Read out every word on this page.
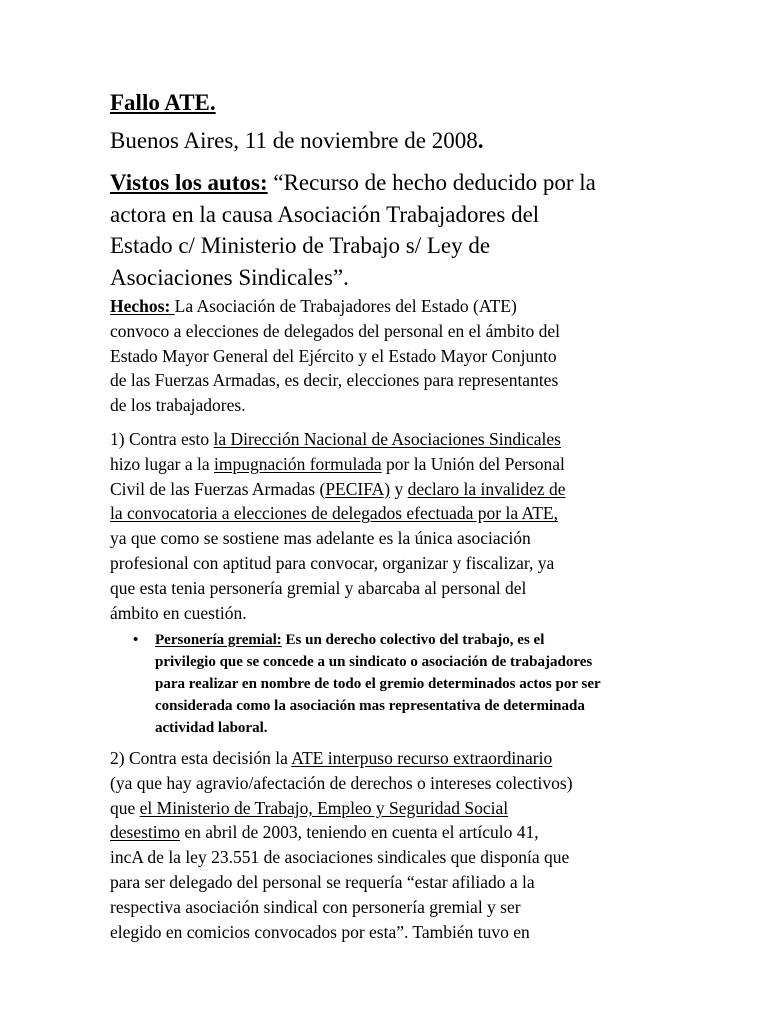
Fallo ATE.

Buenos Aires, 11 de noviembre de 2008.

Vistos los autos: “Recurso de hecho deducido por la
actora en la causa Asociación Trabajadores del
Estado c/ Ministerio de Trabajo s/ Ley de
Asociaciones Sindicales”.

Hechos: La Asociación de Trabajadores del Estado (ATE)
convoco a elecciones de delegados del personal en el ámbito del
Estado Mayor General del Ejército y el Estado Mayor Conjunto
de las Fuerzas Armadas, es decir, elecciones para representantes
de los trabajadores.

1) Contra esto la Dirección Nacional de Asociaciones Sindicales
hizo lugar a la impugnación formulada por la Unión del Personal
Civil de las Fuerzas Armadas (PECIFA) y declaro la invalidez de
la convocatoria a elecciones de delegados efectuada por la ATE,
ya que como se sostiene mas adelante es la única asociación
profesional con aptitud para convocar, organizar y fiscalizar, ya
que esta tenia personería gremial y abarcaba al personal del
ámbito en cuestión.

• Personería gremial: Es un derecho colectivo del trabajo, es el
privilegio que se concede a un sindicato o asociación de trabajadores
para realizar en nombre de todo el gremio determinados actos por ser
considerada como la asociación mas representativa de determinada
actividad laboral.

2) Contra esta decisión la ATE interpuso recurso extraordinario
(ya que hay agravio/afectación de derechos o intereses colectivos)
que el Ministerio de Trabajo, Empleo y Seguridad Social
desestimo en abril de 2003, teniendo en cuenta el artículo 41,
incA de la ley 23.551 de asociaciones sindicales que disponía que
para ser delegado del personal se requería “estar afiliado a la
respectiva asociación sindical con personería gremial y ser
elegido en comicios convocados por esta”. También tuvo en
